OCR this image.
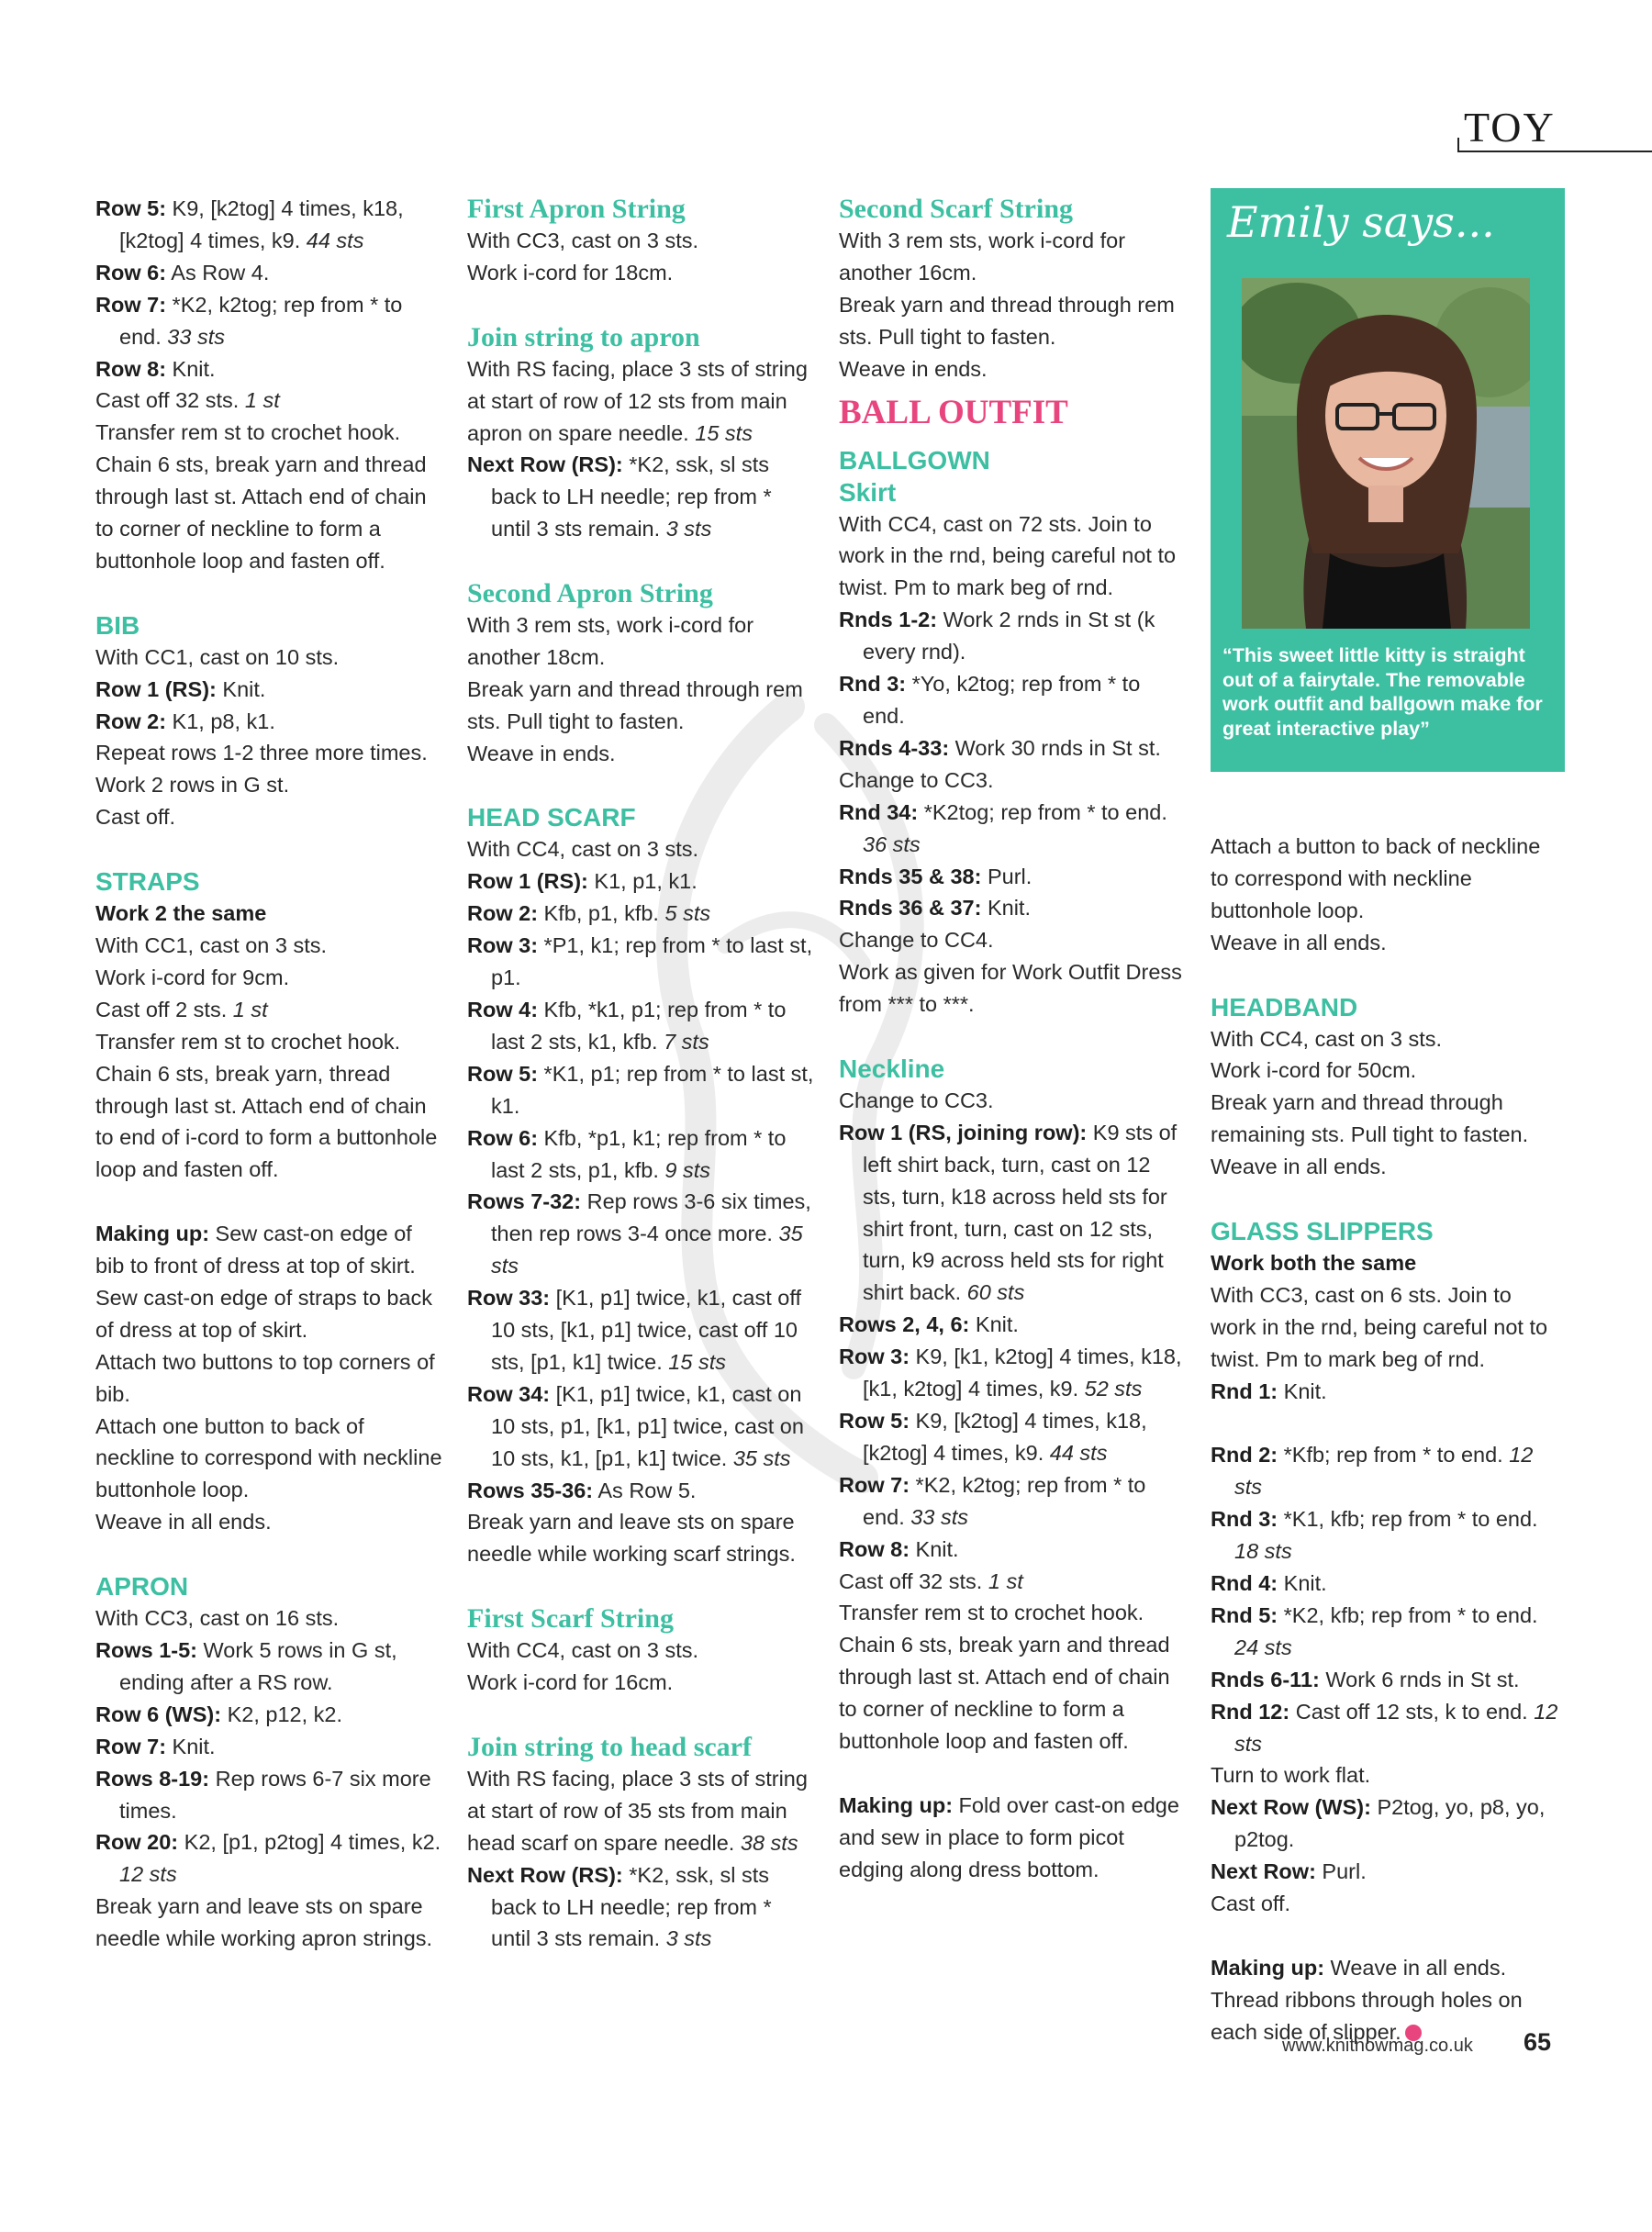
TOY

Row 5: K9, [k2tog] 4 times, k18, [k2tog] 4 times, k9. 44 sts

Row 6: As Row 4.

Row 7: *K2, k2tog; rep from * to end. 33 sts

Row 8: Knit.

Cast off 32 sts. 1 st

Transfer rem st to crochet hook. Chain 6 sts, break yarn and thread through last st. Attach end of chain to corner of neckline to form a buttonhole loop and fasten off.

BIB

With CC1, cast on 10 sts.

Row 1 (RS): Knit.

Row 2: K1, p8, k1.

Repeat rows 1-2 three more times.

Work 2 rows in G st.

Cast off.

STRAPS

Work 2 the same

With CC1, cast on 3 sts.

Work i-cord for 9cm.

Cast off 2 sts. 1 st

Transfer rem st to crochet hook. Chain 6 sts, break yarn, thread through last st. Attach end of chain to end of i-cord to form a buttonhole loop and fasten off.

Making up: Sew cast-on edge of bib to front of dress at top of skirt.

Sew cast-on edge of straps to back of dress at top of skirt.

Attach two buttons to top corners of bib.

Attach one button to back of neckline to correspond with neckline buttonhole loop.

Weave in all ends.

APRON

With CC3, cast on 16 sts.

Rows 1-5: Work 5 rows in G st, ending after a RS row.

Row 6 (WS): K2, p12, k2.

Row 7: Knit.

Rows 8-19: Rep rows 6-7 six more times.

Row 20: K2, [p1, p2tog] 4 times, k2. 12 sts

Break yarn and leave sts on spare needle while working apron strings.

First Apron String

With CC3, cast on 3 sts.

Work i-cord for 18cm.

Join string to apron

With RS facing, place 3 sts of string at start of row of 12 sts from main apron on spare needle. 15 sts

Next Row (RS): *K2, ssk, sl sts back to LH needle; rep from * until 3 sts remain. 3 sts

Second Apron String

With 3 rem sts, work i-cord for another 18cm.

Break yarn and thread through rem sts. Pull tight to fasten.

Weave in ends.

HEAD SCARF

With CC4, cast on 3 sts.

Row 1 (RS): K1, p1, k1.

Row 2: Kfb, p1, kfb. 5 sts

Row 3: *P1, k1; rep from * to last st, p1.

Row 4: Kfb, *k1, p1; rep from * to last 2 sts, k1, kfb. 7 sts

Row 5: *K1, p1; rep from * to last st, k1.

Row 6: Kfb, *p1, k1; rep from * to last 2 sts, p1, kfb. 9 sts

Rows 7-32: Rep rows 3-6 six times, then rep rows 3-4 once more. 35 sts

Row 33: [K1, p1] twice, k1, cast off 10 sts, [k1, p1] twice, cast off 10 sts, [p1, k1] twice. 15 sts

Row 34: [K1, p1] twice, k1, cast on 10 sts, p1, [k1, p1] twice, cast on 10 sts, k1, [p1, k1] twice. 35 sts

Rows 35-36: As Row 5.

Break yarn and leave sts on spare needle while working scarf strings.

First Scarf String

With CC4, cast on 3 sts.

Work i-cord for 16cm.

Join string to head scarf

With RS facing, place 3 sts of string at start of row of 35 sts from main head scarf on spare needle. 38 sts

Next Row (RS): *K2, ssk, sl sts back to LH needle; rep from * until 3 sts remain. 3 sts

Second Scarf String

With 3 rem sts, work i-cord for another 16cm.

Break yarn and thread through rem sts. Pull tight to fasten.

Weave in ends.

BALL OUTFIT
BALLGOWN
Skirt

With CC4, cast on 72 sts. Join to work in the rnd, being careful not to twist. Pm to mark beg of rnd.

Rnds 1-2: Work 2 rnds in St st (k every rnd).

Rnd 3: *Yo, k2tog; rep from * to end.

Rnds 4-33: Work 30 rnds in St st.

Change to CC3.

Rnd 34: *K2tog; rep from * to end. 36 sts

Rnds 35 & 38: Purl.

Rnds 36 & 37: Knit.

Change to CC4.

Work as given for Work Outfit Dress from *** to ***.

Neckline

Change to CC3.

Row 1 (RS, joining row): K9 sts of left shirt back, turn, cast on 12 sts, turn, k18 across held sts for shirt front, turn, cast on 12 sts, turn, k9 across held sts for right shirt back. 60 sts

Rows 2, 4, 6: Knit.

Row 3: K9, [k1, k2tog] 4 times, k18, [k1, k2tog] 4 times, k9. 52 sts

Row 5: K9, [k2tog] 4 times, k18, [k2tog] 4 times, k9. 44 sts

Row 7: *K2, k2tog; rep from * to end. 33 sts

Row 8: Knit.

Cast off 32 sts. 1 st

Transfer rem st to crochet hook. Chain 6 sts, break yarn and thread through last st. Attach end of chain to corner of neckline to form a buttonhole loop and fasten off.

Making up: Fold over cast-on edge and sew in place to form picot edging along dress bottom.

Attach a button to back of neckline to correspond with neckline buttonhole loop.

Weave in all ends.

HEADBAND

With CC4, cast on 3 sts.

Work i-cord for 50cm.

Break yarn and thread through remaining sts. Pull tight to fasten. Weave in all ends.

GLASS SLIPPERS

Work both the same

With CC3, cast on 6 sts. Join to work in the rnd, being careful not to twist. Pm to mark beg of rnd.

Rnd 1: Knit.

Rnd 2: *Kfb; rep from * to end. 12 sts

Rnd 3: *K1, kfb; rep from * to end. 18 sts

Rnd 4: Knit.

Rnd 5: *K2, kfb; rep from * to end. 24 sts

Rnds 6-11: Work 6 rnds in St st.

Rnd 12: Cast off 12 sts, k to end. 12 sts

Turn to work flat.

Next Row (WS): P2tog, yo, p8, yo, p2tog.

Next Row: Purl.

Cast off.

Making up: Weave in all ends. Thread ribbons through holes on each side of slipper.

Emily says...
“This sweet little kitty is straight out of a fairytale. The removable work outfit and ballgown make for great interactive play”
www.knitnowmag.co.uk 65
